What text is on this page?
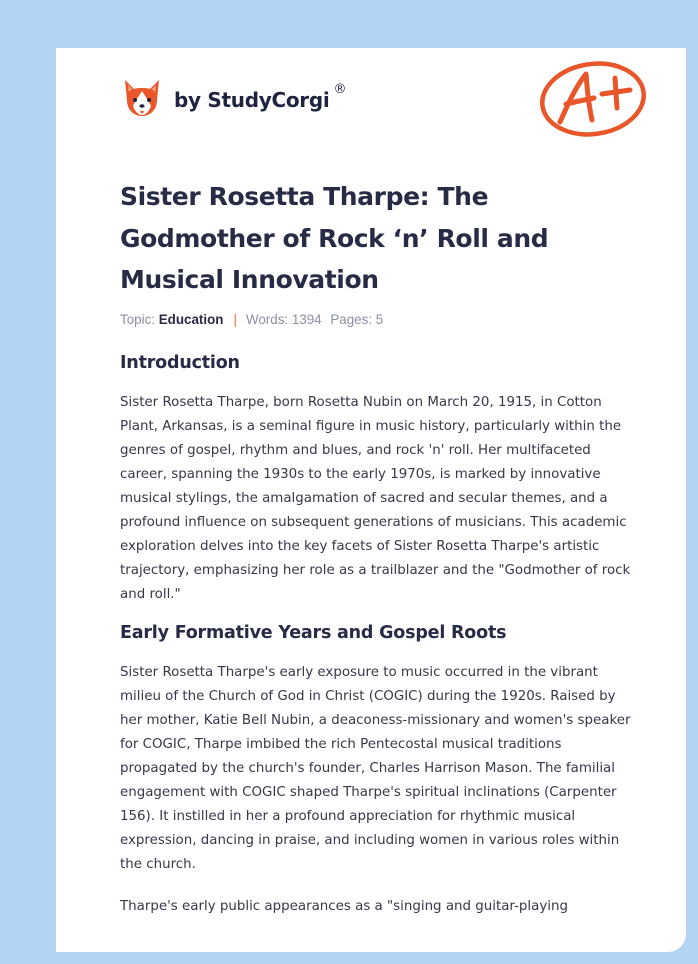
by StudyCorgi ®
Sister Rosetta Tharpe: The Godmother of Rock ‘n’ Roll and Musical Innovation
Topic: Education | Words: 1394 Pages: 5
Introduction

Sister Rosetta Tharpe, born Rosetta Nubin on March 20, 1915, in Cotton Plant, Arkansas, is a seminal figure in music history, particularly within the genres of gospel, rhythm and blues, and rock 'n' roll. Her multifaceted career, spanning the 1930s to the early 1970s, is marked by innovative musical stylings, the amalgamation of sacred and secular themes, and a profound influence on subsequent generations of musicians. This academic exploration delves into the key facets of Sister Rosetta Tharpe's artistic trajectory, emphasizing her role as a trailblazer and the "Godmother of rock and roll."

Early Formative Years and Gospel Roots

Sister Rosetta Tharpe's early exposure to music occurred in the vibrant milieu of the Church of God in Christ (COGIC) during the 1920s. Raised by her mother, Katie Bell Nubin, a deaconess-missionary and women's speaker for COGIC, Tharpe imbibed the rich Pentecostal musical traditions propagated by the church's founder, Charles Harrison Mason. The familial engagement with COGIC shaped Tharpe's spiritual inclinations (Carpenter 156). It instilled in her a profound appreciation for rhythmic musical expression, dancing in praise, and including women in various roles within the church.

Tharpe's early public appearances as a "singing and guitar-playing
